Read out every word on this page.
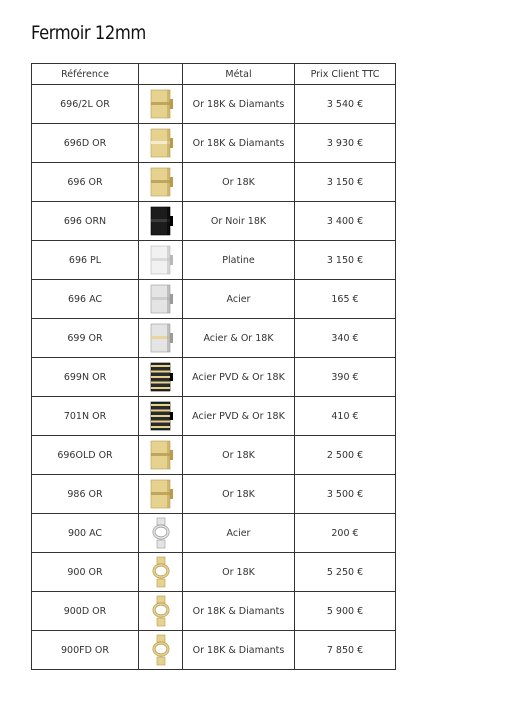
Fermoir 12mm
Référence		Métal	Prix Client TTC
696/2L OR		Or 18K & Diamants	3 540 €
696D OR		Or 18K & Diamants	3 930 €
696 OR		Or 18K	3 150 €
696 ORN		Or Noir 18K	3 400 €
696 PL		Platine	3 150 €
696 AC		Acier	165 €
699 OR		Acier & Or 18K	340 €
699N OR		Acier PVD & Or 18K	390 €
701N OR		Acier PVD & Or 18K	410 €
696OLD OR		Or 18K	2 500 €
986 OR		Or 18K	3 500 €
900 AC		Acier	200 €
900 OR		Or 18K	5 250 €
900D OR		Or 18K & Diamants	5 900 €
900FD OR		Or 18K & Diamants	7 850 €
